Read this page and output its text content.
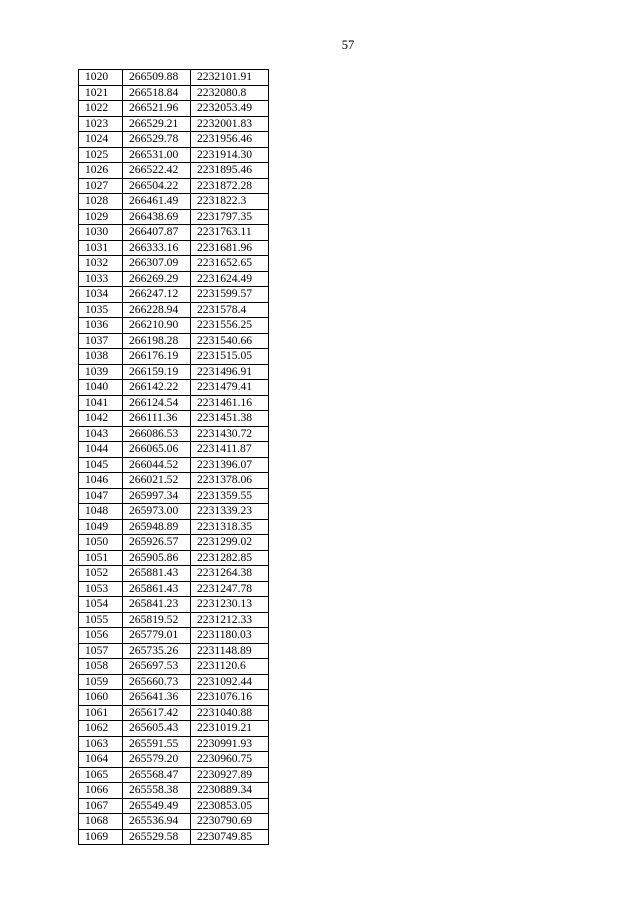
57
1020	266509.88	2232101.91
1021	266518.84	2232080.8
1022	266521.96	2232053.49
1023	266529.21	2232001.83
1024	266529.78	2231956.46
1025	266531.00	2231914.30
1026	266522.42	2231895.46
1027	266504.22	2231872.28
1028	266461.49	2231822.3
1029	266438.69	2231797.35
1030	266407.87	2231763.11
1031	266333.16	2231681.96
1032	266307.09	2231652.65
1033	266269.29	2231624.49
1034	266247.12	2231599.57
1035	266228.94	2231578.4
1036	266210.90	2231556.25
1037	266198.28	2231540.66
1038	266176.19	2231515.05
1039	266159.19	2231496.91
1040	266142.22	2231479.41
1041	266124.54	2231461.16
1042	266111.36	2231451.38
1043	266086.53	2231430.72
1044	266065.06	2231411.87
1045	266044.52	2231396.07
1046	266021.52	2231378.06
1047	265997.34	2231359.55
1048	265973.00	2231339.23
1049	265948.89	2231318.35
1050	265926.57	2231299.02
1051	265905.86	2231282.85
1052	265881.43	2231264.38
1053	265861.43	2231247.78
1054	265841.23	2231230.13
1055	265819.52	2231212.33
1056	265779.01	2231180.03
1057	265735.26	2231148.89
1058	265697.53	2231120.6
1059	265660.73	2231092.44
1060	265641.36	2231076.16
1061	265617.42	2231040.88
1062	265605.43	2231019.21
1063	265591.55	2230991.93
1064	265579.20	2230960.75
1065	265568.47	2230927.89
1066	265558.38	2230889.34
1067	265549.49	2230853.05
1068	265536.94	2230790.69
1069	265529.58	2230749.85
